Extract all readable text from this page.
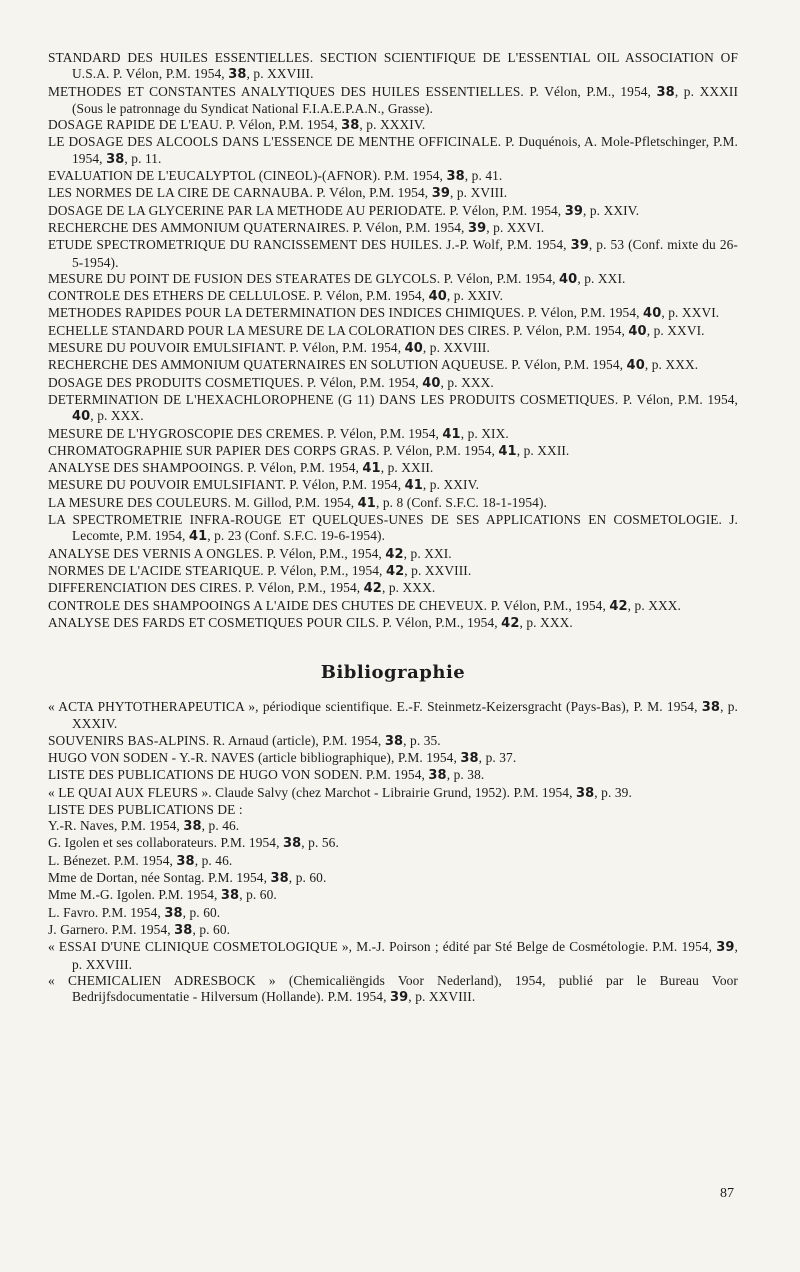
STANDARD DES HUILES ESSENTIELLES. SECTION SCIENTIFIQUE DE L'ESSENTIAL OIL ASSOCIATION OF U.S.A. P. Vélon, P.M. 1954, 38, p. XXVIII.

METHODES ET CONSTANTES ANALYTIQUES DES HUILES ESSENTIELLES. P. Vélon, P.M., 1954, 38, p. XXXII (Sous le patronnage du Syndicat National F.I.A.E.P.A.N., Grasse).

DOSAGE RAPIDE DE L'EAU. P. Vélon, P.M. 1954, 38, p. XXXIV.

LE DOSAGE DES ALCOOLS DANS L'ESSENCE DE MENTHE OFFICINALE. P. Duquénois, A. Mole-Pfletschinger, P.M. 1954, 38, p. 11.

EVALUATION DE L'EUCALYPTOL (CINEOL)-(AFNOR). P.M. 1954, 38, p. 41.

LES NORMES DE LA CIRE DE CARNAUBA. P. Vélon, P.M. 1954, 39, p. XVIII.

DOSAGE DE LA GLYCERINE PAR LA METHODE AU PERIODATE. P. Vélon, P.M. 1954, 39, p. XXIV.

RECHERCHE DES AMMONIUM QUATERNAIRES. P. Vélon, P.M. 1954, 39, p. XXVI.

ETUDE SPECTROMETRIQUE DU RANCISSEMENT DES HUILES. J.-P. Wolf, P.M. 1954, 39, p. 53 (Conf. mixte du 26-5-1954).

MESURE DU POINT DE FUSION DES STEARATES DE GLYCOLS. P. Vélon, P.M. 1954, 40, p. XXI.

CONTROLE DES ETHERS DE CELLULOSE. P. Vélon, P.M. 1954, 40, p. XXIV.

METHODES RAPIDES POUR LA DETERMINATION DES INDICES CHIMIQUES. P. Vélon, P.M. 1954, 40, p. XXVI.

ECHELLE STANDARD POUR LA MESURE DE LA COLORATION DES CIRES. P. Vélon, P.M. 1954, 40, p. XXVI.

MESURE DU POUVOIR EMULSIFIANT. P. Vélon, P.M. 1954, 40, p. XXVIII.

RECHERCHE DES AMMONIUM QUATERNAIRES EN SOLUTION AQUEUSE. P. Vélon, P.M. 1954, 40, p. XXX.

DOSAGE DES PRODUITS COSMETIQUES. P. Vélon, P.M. 1954, 40, p. XXX.

DETERMINATION DE L'HEXACHLOROPHENE (G 11) DANS LES PRODUITS COSMETIQUES. P. Vélon, P.M. 1954, 40, p. XXX.

MESURE DE L'HYGROSCOPIE DES CREMES. P. Vélon, P.M. 1954, 41, p. XIX.

CHROMATOGRAPHIE SUR PAPIER DES CORPS GRAS. P. Vélon, P.M. 1954, 41, p. XXII.

ANALYSE DES SHAMPOOINGS. P. Vélon, P.M. 1954, 41, p. XXII.

MESURE DU POUVOIR EMULSIFIANT. P. Vélon, P.M. 1954, 41, p. XXIV.

LA MESURE DES COULEURS. M. Gillod, P.M. 1954, 41, p. 8 (Conf. S.F.C. 18-1-1954).

LA SPECTROMETRIE INFRA-ROUGE ET QUELQUES-UNES DE SES APPLICATIONS EN COSMETOLOGIE. J. Lecomte, P.M. 1954, 41, p. 23 (Conf. S.F.C. 19-6-1954).

ANALYSE DES VERNIS A ONGLES. P. Vélon, P.M., 1954, 42, p. XXI.

NORMES DE L'ACIDE STEARIQUE. P. Vélon, P.M., 1954, 42, p. XXVIII.

DIFFERENCIATION DES CIRES. P. Vélon, P.M., 1954, 42, p. XXX.

CONTROLE DES SHAMPOOINGS A L'AIDE DES CHUTES DE CHEVEUX. P. Vélon, P.M., 1954, 42, p. XXX.

ANALYSE DES FARDS ET COSMETIQUES POUR CILS. P. Vélon, P.M., 1954, 42, p. XXX.

Bibliographie

« ACTA PHYTOTHERAPEUTICA », périodique scientifique. E.-F. Steinmetz-Keizersgracht (Pays-Bas), P. M. 1954, 38, p. XXXIV.

SOUVENIRS BAS-ALPINS. R. Arnaud (article), P.M. 1954, 38, p. 35.

HUGO VON SODEN - Y.-R. NAVES (article bibliographique), P.M. 1954, 38, p. 37.

LISTE DES PUBLICATIONS DE HUGO VON SODEN. P.M. 1954, 38, p. 38.

« LE QUAI AUX FLEURS ». Claude Salvy (chez Marchot - Librairie Grund, 1952). P.M. 1954, 38, p. 39.

LISTE DES PUBLICATIONS DE :

Y.-R. Naves, P.M. 1954, 38, p. 46.

G. Igolen et ses collaborateurs. P.M. 1954, 38, p. 56.

L. Bénezet. P.M. 1954, 38, p. 46.

Mme de Dortan, née Sontag. P.M. 1954, 38, p. 60.

Mme M.-G. Igolen. P.M. 1954, 38, p. 60.

L. Favro. P.M. 1954, 38, p. 60.

J. Garnero. P.M. 1954, 38, p. 60.

« ESSAI D'UNE CLINIQUE COSMETOLOGIQUE », M.-J. Poirson ; édité par Sté Belge de Cosmétologie. P.M. 1954, 39, p. XXVIII.

« CHEMICALIEN ADRESBOCK » (Chemicaliëngids Voor Nederland), 1954, publié par le Bureau Voor Bedrijfsdocumentatie - Hilversum (Hollande). P.M. 1954, 39, p. XXVIII.

87
